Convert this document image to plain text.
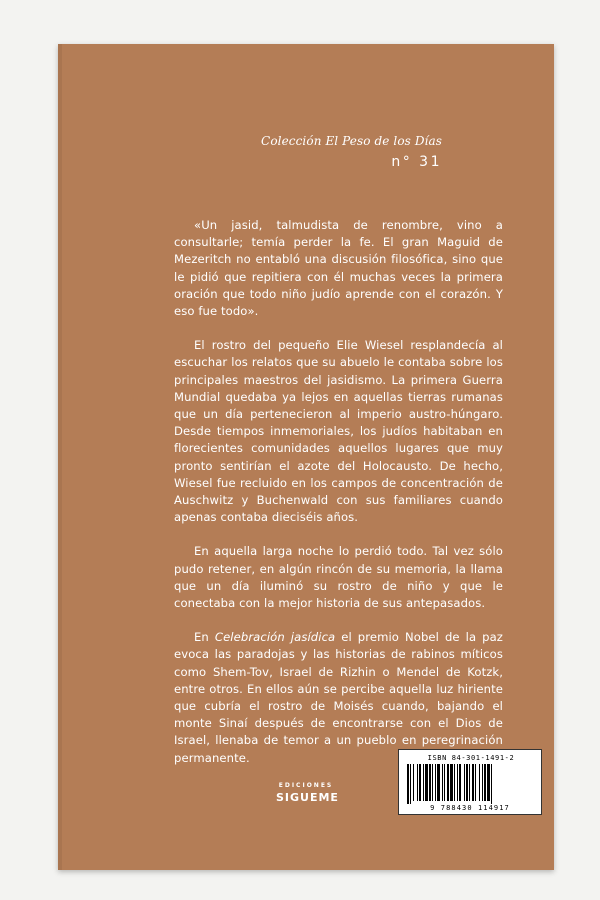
Colección El Peso de los Días
n° 31

«Un jasid, talmudista de renombre, vino a consultarle; temía perder la fe. El gran Maguid de Mezeritch no entabló una discusión filosófica, sino que le pidió que repitiera con él muchas veces la primera oración que todo niño judío aprende con el corazón. Y eso fue todo».

El rostro del pequeño Elie Wiesel resplandecía al escuchar los relatos que su abuelo le contaba sobre los principales maestros del jasidismo. La primera Guerra Mundial quedaba ya lejos en aquellas tierras rumanas que un día pertenecieron al imperio austro-húngaro. Desde tiempos inmemoriales, los judíos habitaban en florecientes comunidades aquellos lugares que muy pronto sentirían el azote del Holocausto. De hecho, Wiesel fue recluido en los campos de concentración de Auschwitz y Buchenwald con sus familiares cuando apenas contaba dieciséis años.

En aquella larga noche lo perdió todo. Tal vez sólo pudo retener, en algún rincón de su memoria, la llama que un día iluminó su rostro de niño y que le conectaba con la mejor historia de sus antepasados.

En Celebración jasídica el premio Nobel de la paz evoca las paradojas y las historias de rabinos míticos como Shem-Tov, Israel de Rizhin o Mendel de Kotzk, entre otros. En ellos aún se percibe aquella luz hiriente que cubría el rostro de Moisés cuando, bajando el monte Sinaí después de encontrarse con el Dios de Israel, llenaba de temor a un pueblo en peregrinación permanente.

EDICIONES
SIGUEME
ISBN 84-301-1491-2
9 788430 114917
